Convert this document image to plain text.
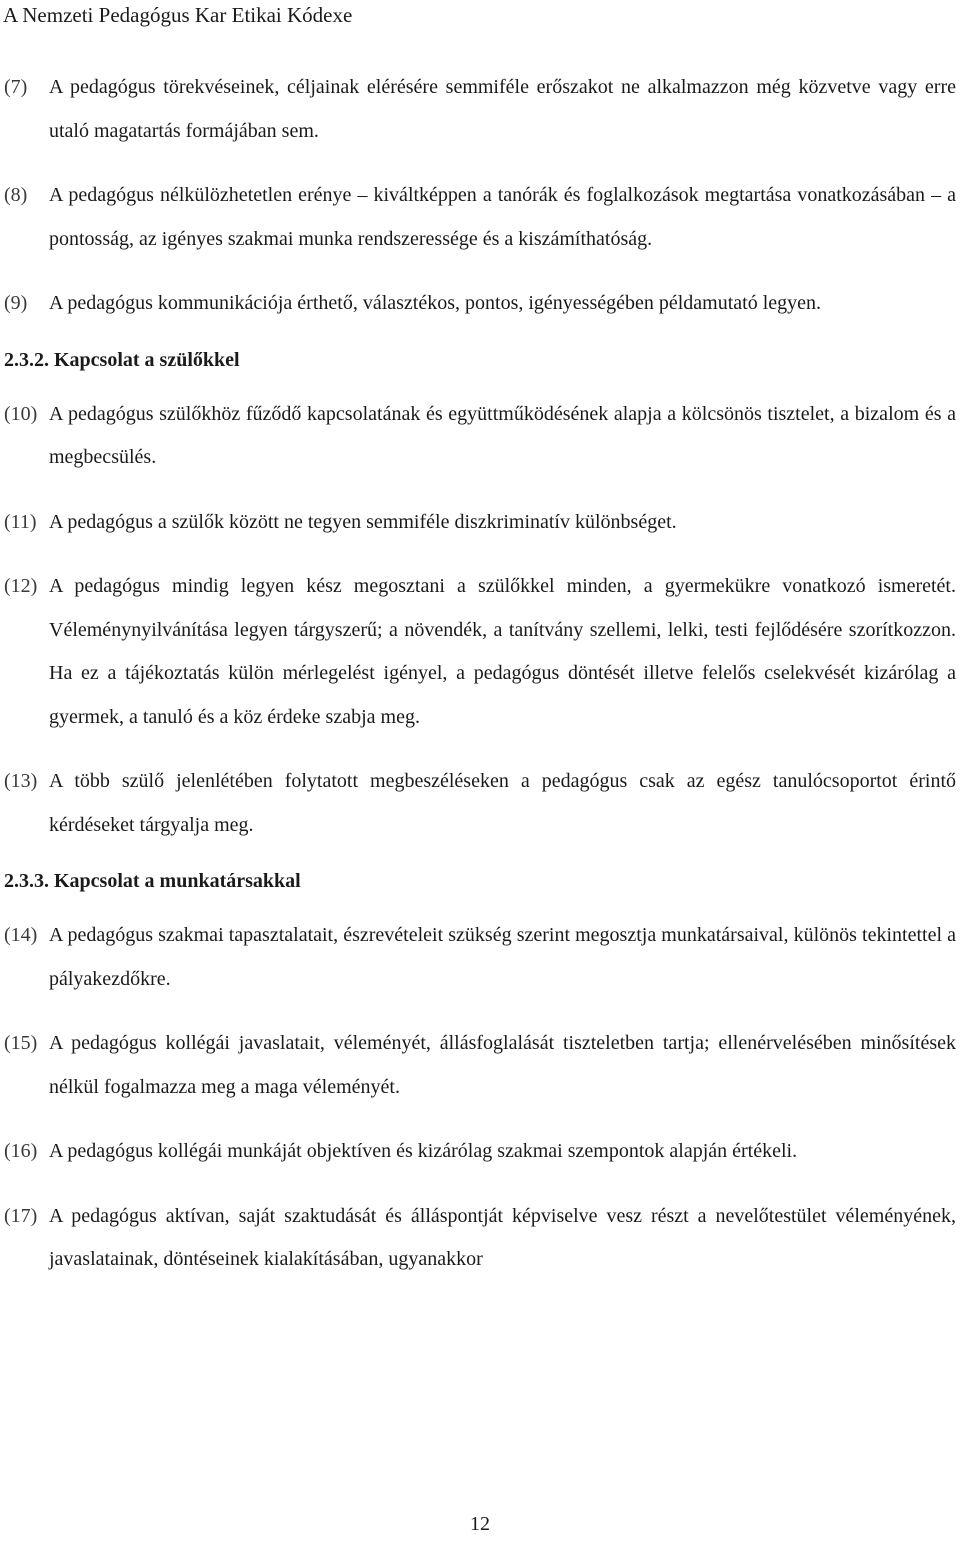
A Nemzeti Pedagógus Kar Etikai Kódexe
(7) A pedagógus törekvéseinek, céljainak elérésére semmiféle erőszakot ne alkalmazzon még közvetve vagy erre utaló magatartás formájában sem.
(8) A pedagógus nélkülözhetetlen erénye – kiváltképpen a tanórák és foglalkozások megtartása vonatkozásában – a pontosság, az igényes szakmai munka rendszeressége és a kiszámíthatóság.
(9) A pedagógus kommunikációja érthető, választékos, pontos, igényességében példamutató legyen.
2.3.2. Kapcsolat a szülőkkel
(10) A pedagógus szülőkhöz fűződő kapcsolatának és együttműködésének alapja a kölcsönös tisztelet, a bizalom és a megbecsülés.
(11) A pedagógus a szülők között ne tegyen semmiféle diszkriminatív különbséget.
(12) A pedagógus mindig legyen kész megosztani a szülőkkel minden, a gyermekükre vonatkozó ismeretét. Véleménynyilvánítása legyen tárgyszerű; a növendék, a tanítvány szellemi, lelki, testi fejlődésére szorítkozzon. Ha ez a tájékoztatás külön mérlegelést igényel, a pedagógus döntését illetve felelős cselekvését kizárólag a gyermek, a tanuló és a köz érdeke szabja meg.
(13) A több szülő jelenlétében folytatott megbeszéléseken a pedagógus csak az egész tanulócsoportot érintő kérdéseket tárgyalja meg.
2.3.3. Kapcsolat a munkatársakkal
(14) A pedagógus szakmai tapasztalatait, észrevételeit szükség szerint megosztja munkatársaival, különös tekintettel a pályakezdőkre.
(15) A pedagógus kollégái javaslatait, véleményét, állásfoglalását tiszteletben tartja; ellenérvelésében minősítések nélkül fogalmazza meg a maga véleményét.
(16) A pedagógus kollégái munkáját objektíven és kizárólag szakmai szempontok alapján értékeli.
(17) A pedagógus aktívan, saját szaktudását és álláspontját képviselve vesz részt a nevelőtestület véleményének, javaslatainak, döntéseinek kialakításában, ugyanakkor
12
